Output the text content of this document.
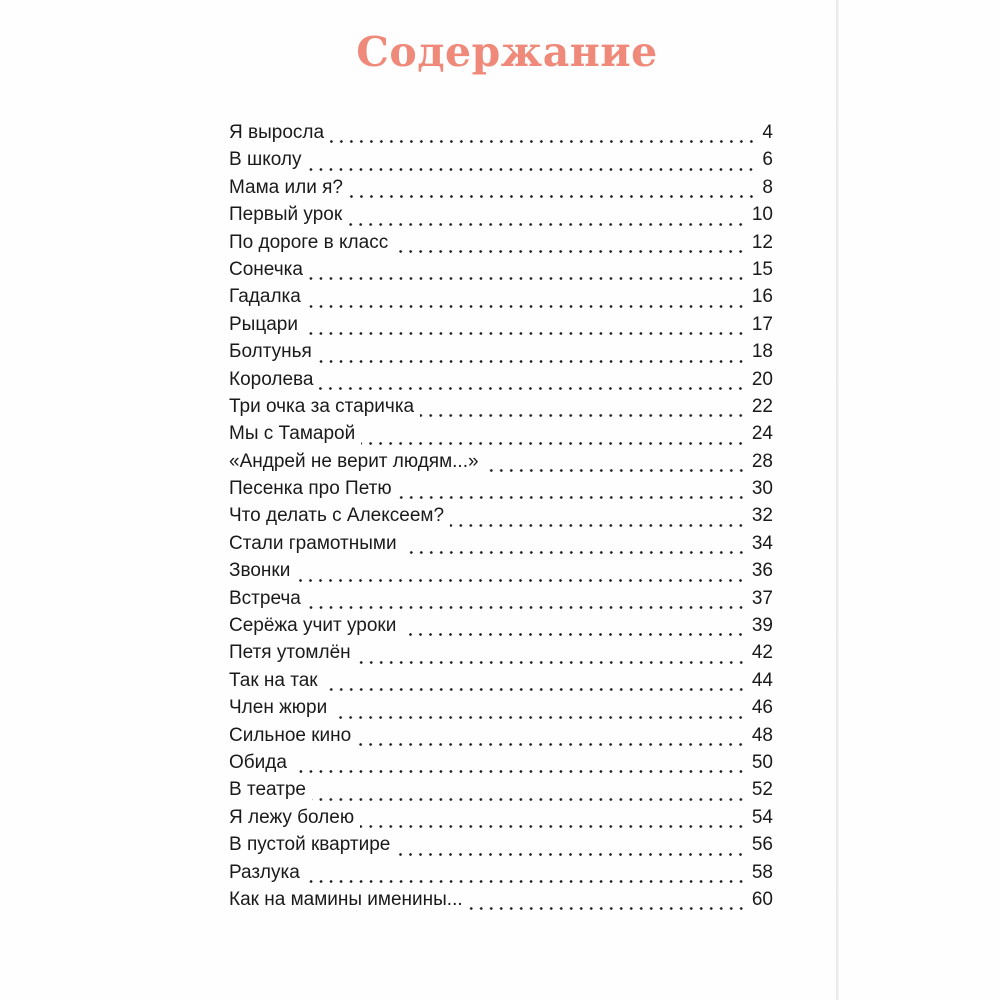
Содержание
Я выросла	4
В школу	6
Мама или я?	8
Первый урок	10
По дороге в класс	12
Сонечка	15
Гадалка	16
Рыцари	17
Болтунья	18
Королева	20
Три очка за старичка	22
Мы с Тамарой	24
«Андрей не верит людям...»	28
Песенка про Петю	30
Что делать с Алексеем?	32
Стали грамотными	34
Звонки	36
Встреча	37
Серёжа учит уроки	39
Петя утомлён	42
Так на так	44
Член жюри	46
Сильное кино	48
Обида	50
В театре	52
Я лежу болею	54
В пустой квартире	56
Разлука	58
Как на мамины именины...	60
